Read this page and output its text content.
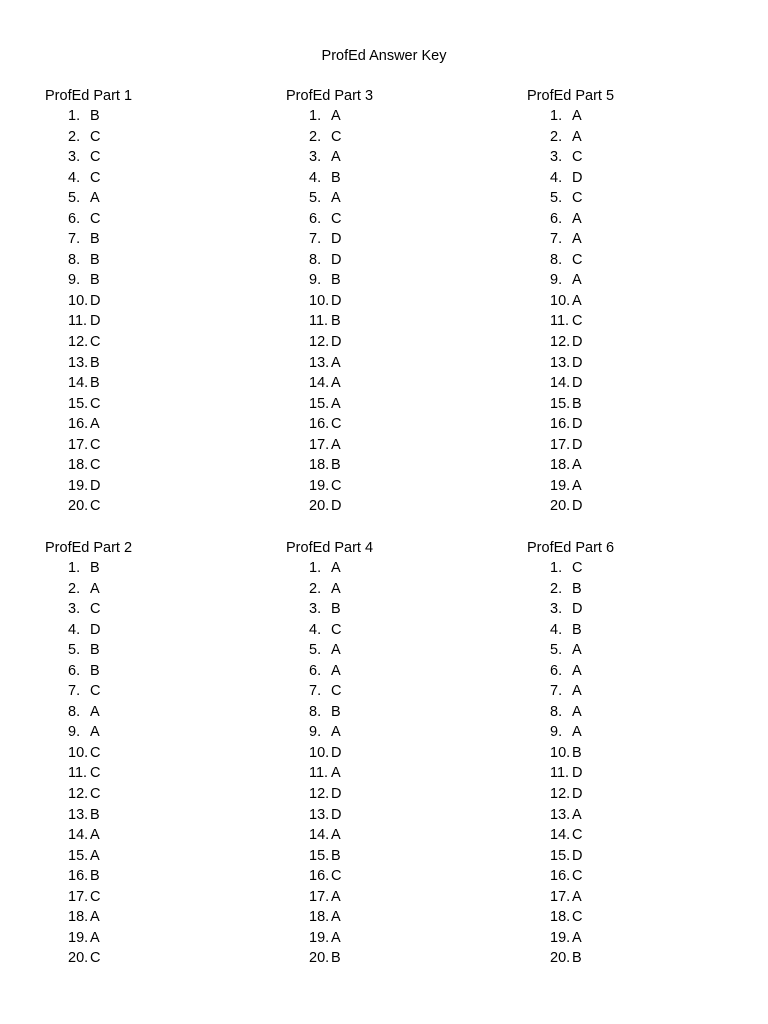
ProfEd Answer Key
ProfEd Part 1
1. B
2. C
3. C
4. C
5. A
6. C
7. B
8. B
9. B
10. D
11. D
12. C
13. B
14. B
15. C
16. A
17. C
18. C
19. D
20. C
ProfEd Part 3
1. A
2. C
3. A
4. B
5. A
6. C
7. D
8. D
9. B
10. D
11. B
12. D
13. A
14. A
15. A
16. C
17. A
18. B
19. C
20. D
ProfEd Part 5
1. A
2. A
3. C
4. D
5. C
6. A
7. A
8. C
9. A
10. A
11. C
12. D
13. D
14. D
15. B
16. D
17. D
18. A
19. A
20. D
ProfEd Part 2
1. B
2. A
3. C
4. D
5. B
6. B
7. C
8. A
9. A
10. C
11. C
12. C
13. B
14. A
15. A
16. B
17. C
18. A
19. A
20. C
ProfEd Part 4
1. A
2. A
3. B
4. C
5. A
6. A
7. C
8. B
9. A
10. D
11. A
12. D
13. D
14. A
15. B
16. C
17. A
18. A
19. A
20. B
ProfEd Part 6
1. C
2. B
3. D
4. B
5. A
6. A
7. A
8. A
9. A
10. B
11. D
12. D
13. A
14. C
15. D
16. C
17. A
18. C
19. A
20. B
